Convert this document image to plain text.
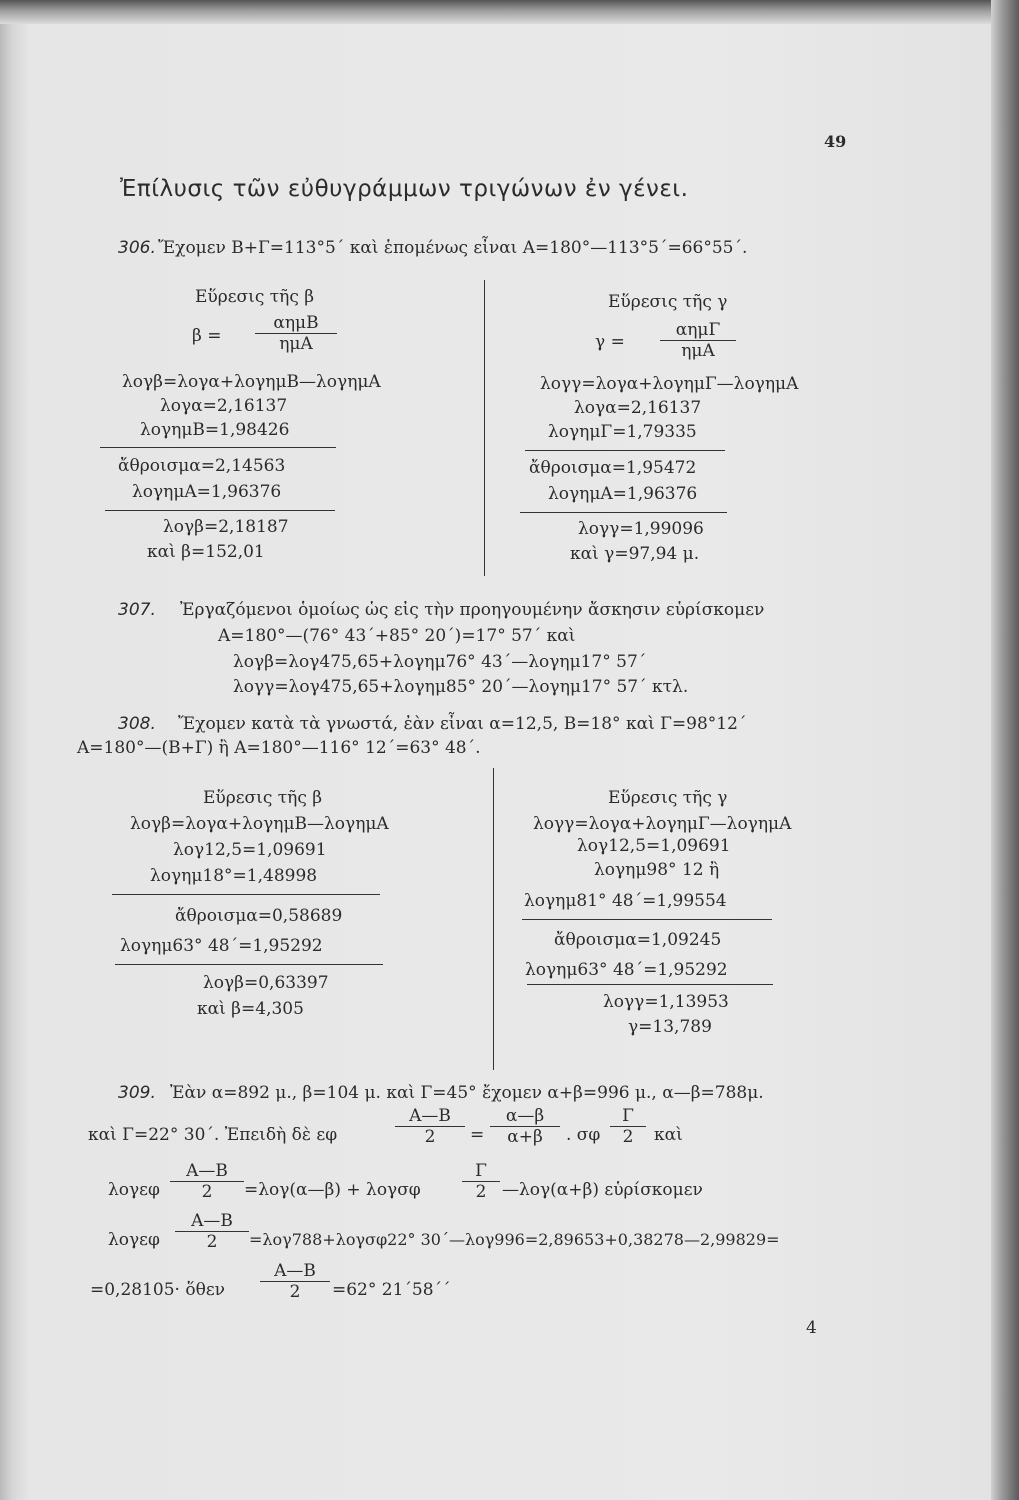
49
Ἐπίλυσις τῶν εὐθυγράμμων τριγώνων ἐν γένει.
306. Ἔχομεν Β+Γ=113°5΄ καὶ ἑπομένως εἶναι Α=180°—113°5΄=66°55΄.
Εὕρεσις τῆς β
β =
αημΒ
ημΑ
λογβ=λογα+λογημΒ—λογημΑ
λογα=2,16137
λογημΒ=1,98426
ἄθροισμα=2,14563
λογημΑ=1,96376
λογβ=2,18187
καὶ β=152,01
Εὕρεσις τῆς γ
γ =
αημΓ
ημΑ
λογγ=λογα+λογημΓ—λογημΑ
λογα=2,16137
λογημΓ=1,79335
ἄθροισμα=1,95472
λογημΑ=1,96376
λογγ=1,99096
καὶ γ=97,94 μ.
307. Ἐργαζόμενοι ὁμοίως ὡς εἰς τὴν προηγουμένην ἄσκησιν εὑρίσκομεν
Α=180°—(76° 43΄+85° 20΄)=17° 57΄ καὶ
λογβ=λογ475,65+λογημ76° 43΄—λογημ17° 57΄
λογγ=λογ475,65+λογημ85° 20΄—λογημ17° 57΄ κτλ.
308. Ἔχομεν κατὰ τὰ γνωστά, ἐὰν εἶναι α=12,5, Β=18° καὶ Γ=98°12΄
Α=180°—(Β+Γ) ἢ Α=180°—116° 12΄=63° 48΄.
Εὕρεσις τῆς β
λογβ=λογα+λογημΒ—λογημΑ
λογ12,5=1,09691
λογημ18°=1,48998
ἄθροισμα=0,58689
λογημ63° 48΄=1,95292
λογβ=0,63397
καὶ β=4,305
Εὕρεσις τῆς γ
λογγ=λογα+λογημΓ—λογημΑ
λογ12,5=1,09691
λογημ98° 12 ἢ
λογημ81° 48΄=1,99554
ἄθροισμα=1,09245
λογημ63° 48΄=1,95292
λογγ=1,13953
γ=13,789
309. Ἐὰν α=892 μ., β=104 μ. καὶ Γ=45° ἔχομεν α+β=996 μ., α—β=788μ.
καὶ Γ=22° 30΄. Ἐπειδὴ δὲ εφ	$\frac{A—B}{2} = \frac{\alpha—\beta}{\alpha+\beta}$ . σφ $\frac{\Gamma}{2}$ καὶ
λογεφ $\frac{A—B}{2}$ =λογ(α—β) + λογσφ $\frac{\Gamma}{2}$ —λογ(α+β) εὑρίσκομεν
λογεφ $\frac{A—B}{2} =\lambda o\gamma 788+\lambda o\gamma\sigma\varphi 22^\circ$ 30΄—λογ996=2,89653+0,38278—2,99829=
=0,28105· ὅθεν $\frac{A—B}{2} =62^\circ$ 21΄58΄΄
4
